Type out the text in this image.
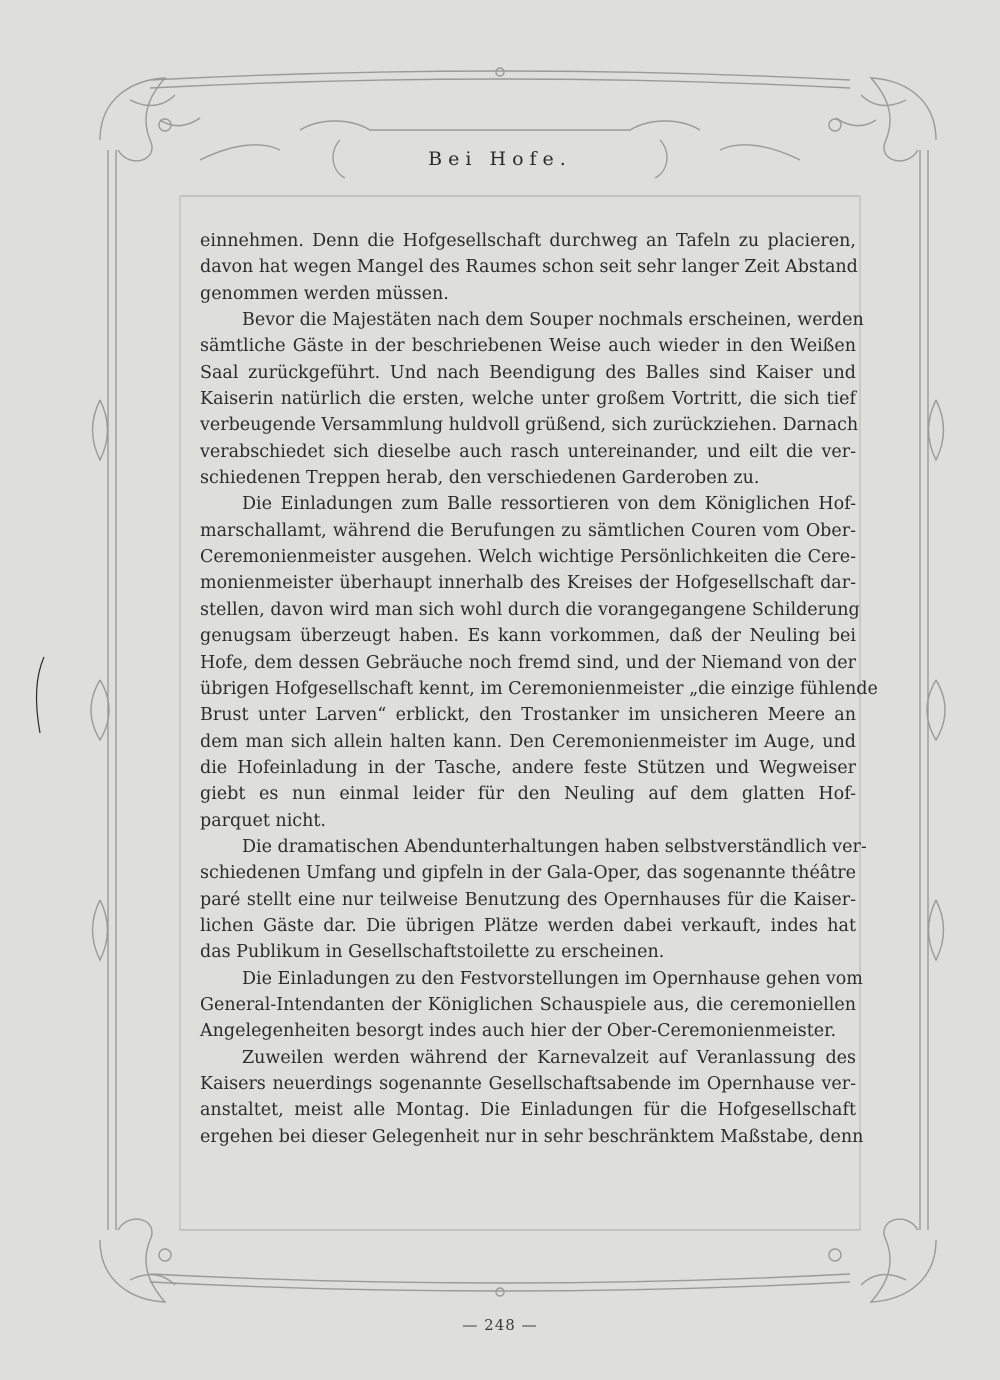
Bei Hofe.
einnehmen. Denn die Hofgesellschaft durchweg an Tafeln zu placieren,
davon hat wegen Mangel des Raumes schon seit sehr langer Zeit Abstand
genommen werden müssen.
Bevor die Majestäten nach dem Souper nochmals erscheinen, werden
sämtliche Gäste in der beschriebenen Weise auch wieder in den Weißen
Saal zurückgeführt. Und nach Beendigung des Balles sind Kaiser und
Kaiserin natürlich die ersten, welche unter großem Vortritt, die sich tief
verbeugende Versammlung huldvoll grüßend, sich zurückziehen. Darnach
verabschiedet sich dieselbe auch rasch untereinander, und eilt die ver-
schiedenen Treppen herab, den verschiedenen Garderoben zu.
Die Einladungen zum Balle ressortieren von dem Königlichen Hof-
marschallamt, während die Berufungen zu sämtlichen Couren vom Ober-
Ceremonienmeister ausgehen. Welch wichtige Persönlichkeiten die Cere-
monienmeister überhaupt innerhalb des Kreises der Hofgesellschaft dar-
stellen, davon wird man sich wohl durch die vorangegangene Schilderung
genugsam überzeugt haben. Es kann vorkommen, daß der Neuling bei
Hofe, dem dessen Gebräuche noch fremd sind, und der Niemand von der
übrigen Hofgesellschaft kennt, im Ceremonienmeister „die einzige fühlende
Brust unter Larven“ erblickt, den Trostanker im unsicheren Meere an
dem man sich allein halten kann. Den Ceremonienmeister im Auge, und
die Hofeinladung in der Tasche, andere feste Stützen und Wegweiser
giebt es nun einmal leider für den Neuling auf dem glatten Hof-
parquet nicht.
Die dramatischen Abendunterhaltungen haben selbstverständlich ver-
schiedenen Umfang und gipfeln in der Gala-Oper, das sogenannte théâtre
paré stellt eine nur teilweise Benutzung des Opernhauses für die Kaiser-
lichen Gäste dar. Die übrigen Plätze werden dabei verkauft, indes hat
das Publikum in Gesellschaftstoilette zu erscheinen.
Die Einladungen zu den Festvorstellungen im Opernhause gehen vom
General-Intendanten der Königlichen Schauspiele aus, die ceremoniellen
Angelegenheiten besorgt indes auch hier der Ober-Ceremonienmeister.
Zuweilen werden während der Karnevalzeit auf Veranlassung des
Kaisers neuerdings sogenannte Gesellschaftsabende im Opernhause ver-
anstaltet, meist alle Montag. Die Einladungen für die Hofgesellschaft
ergehen bei dieser Gelegenheit nur in sehr beschränktem Maßstabe, denn
— 248 —
